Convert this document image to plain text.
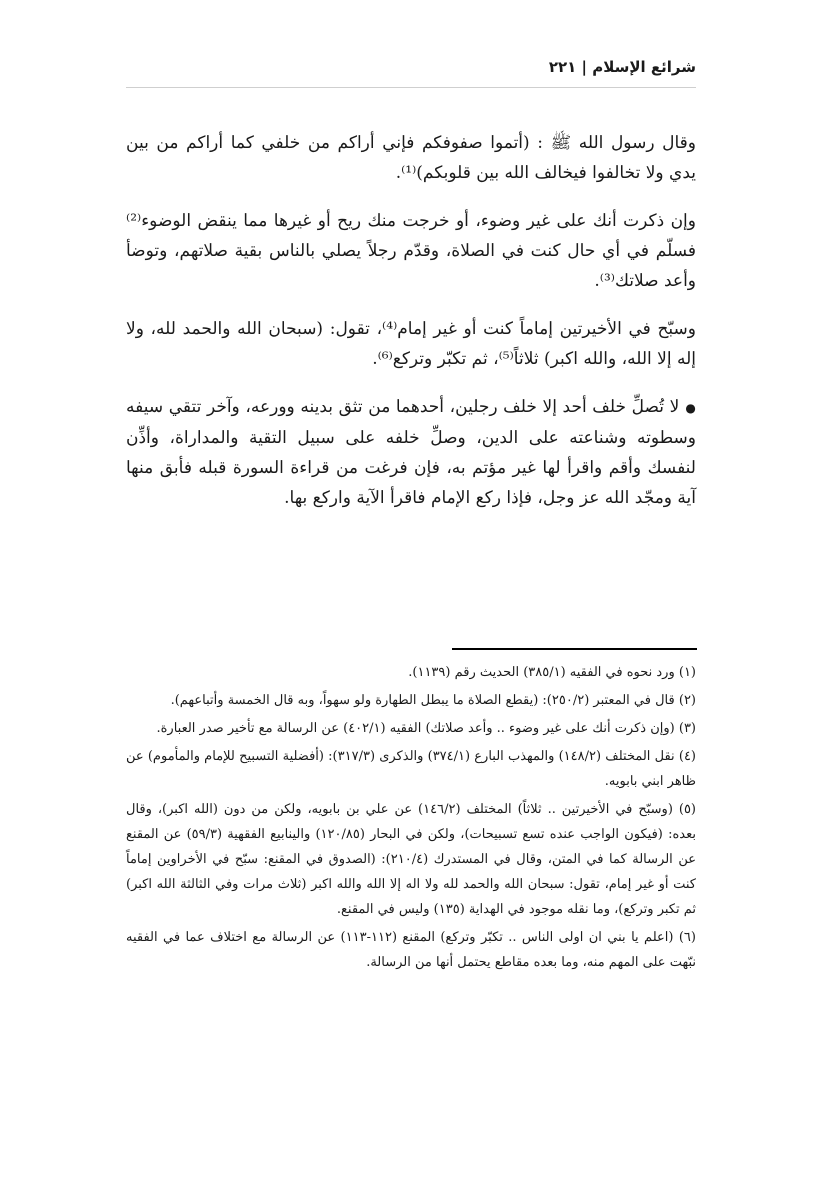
شرائع الإسلام | ٢٢١

وقال رسول الله ﷺ : (أتموا صفوفكم فإني أراكم من خلفي كما أراكم من بين يدي ولا تخالفوا فيخالف الله بين قلوبكم)⁽¹⁾.

وإن ذكرت أنك على غير وضوء، أو خرجت منك ريح أو غيرها مما ينقض الوضوء⁽²⁾ فسلّم في أي حال كنت في الصلاة، وقدّم رجلاً يصلي بالناس بقية صلاتهم، وتوضأ وأعد صلاتك⁽³⁾.

وسبّح في الأخيرتين إماماً كنت أو غير إمام⁽⁴⁾، تقول: (سبحان الله والحمد لله، ولا إله إلا الله، والله اكبر) ثلاثاً⁽⁵⁾، ثم تكبّر وتركع⁽⁶⁾.

●لا تُصلِّ خلف أحد إلا خلف رجلين، أحدهما من تثق بدينه وورعه، وآخر تتقي سيفه وسطوته وشناعته على الدين، وصلِّ خلفه على سبيل التقية والمداراة، وأذِّن لنفسك وأقم واقرأ لها غير مؤتم به، فإن فرغت من قراءة السورة قبله فأبق منها آية ومجّد الله عز وجل، فإذا ركع الإمام فاقرأ الآية واركع بها.

(١) ورد نحوه في الفقيه (٣٨٥/١) الحديث رقم (١١٣٩).

(٢) قال في المعتبر (٢٥٠/٢): (يقطع الصلاة ما يبطل الطهارة ولو سهواً، وبه قال الخمسة وأتباعهم).

(٣) (وإن ذكرت أنك على غير وضوء .. وأعد صلاتك) الفقيه (٤٠٢/١) عن الرسالة مع تأخير صدر العبارة.

(٤) نقل المختلف (١٤٨/٢) والمهذب البارع (٣٧٤/١) والذكرى (٣١٧/٣): (أفضلية التسبيح للإمام والمأموم) عن ظاهر ابني بابويه.

(٥) (وسبّح في الأخيرتين .. ثلاثاً) المختلف (١٤٦/٢) عن علي بن بابويه، ولكن من دون (الله اكبر)، وقال بعده: (فيكون الواجب عنده تسع تسبيحات)، ولكن في البحار (١٢٠/٨٥) والينابيع الفقهية (٥٩/٣) عن المقنع عن الرسالة كما في المتن، وقال في المستدرك (٢١٠/٤): (الصدوق في المقنع: سبّح في الأخراوين إماماً كنت أو غير إمام، تقول: سبحان الله والحمد لله ولا اله إلا الله والله اكبر (ثلاث مرات وفي الثالثة الله اكبر) ثم تكبر وتركع)، وما نقله موجود في الهداية (١٣٥) وليس في المقنع.

(٦) (اعلم يا بني ان اولى الناس .. تكبّر وتركع) المقنع (١١٢-١١٣) عن الرسالة مع اختلاف عما في الفقيه نبّهت على المهم منه، وما بعده مقاطع يحتمل أنها من الرسالة.
